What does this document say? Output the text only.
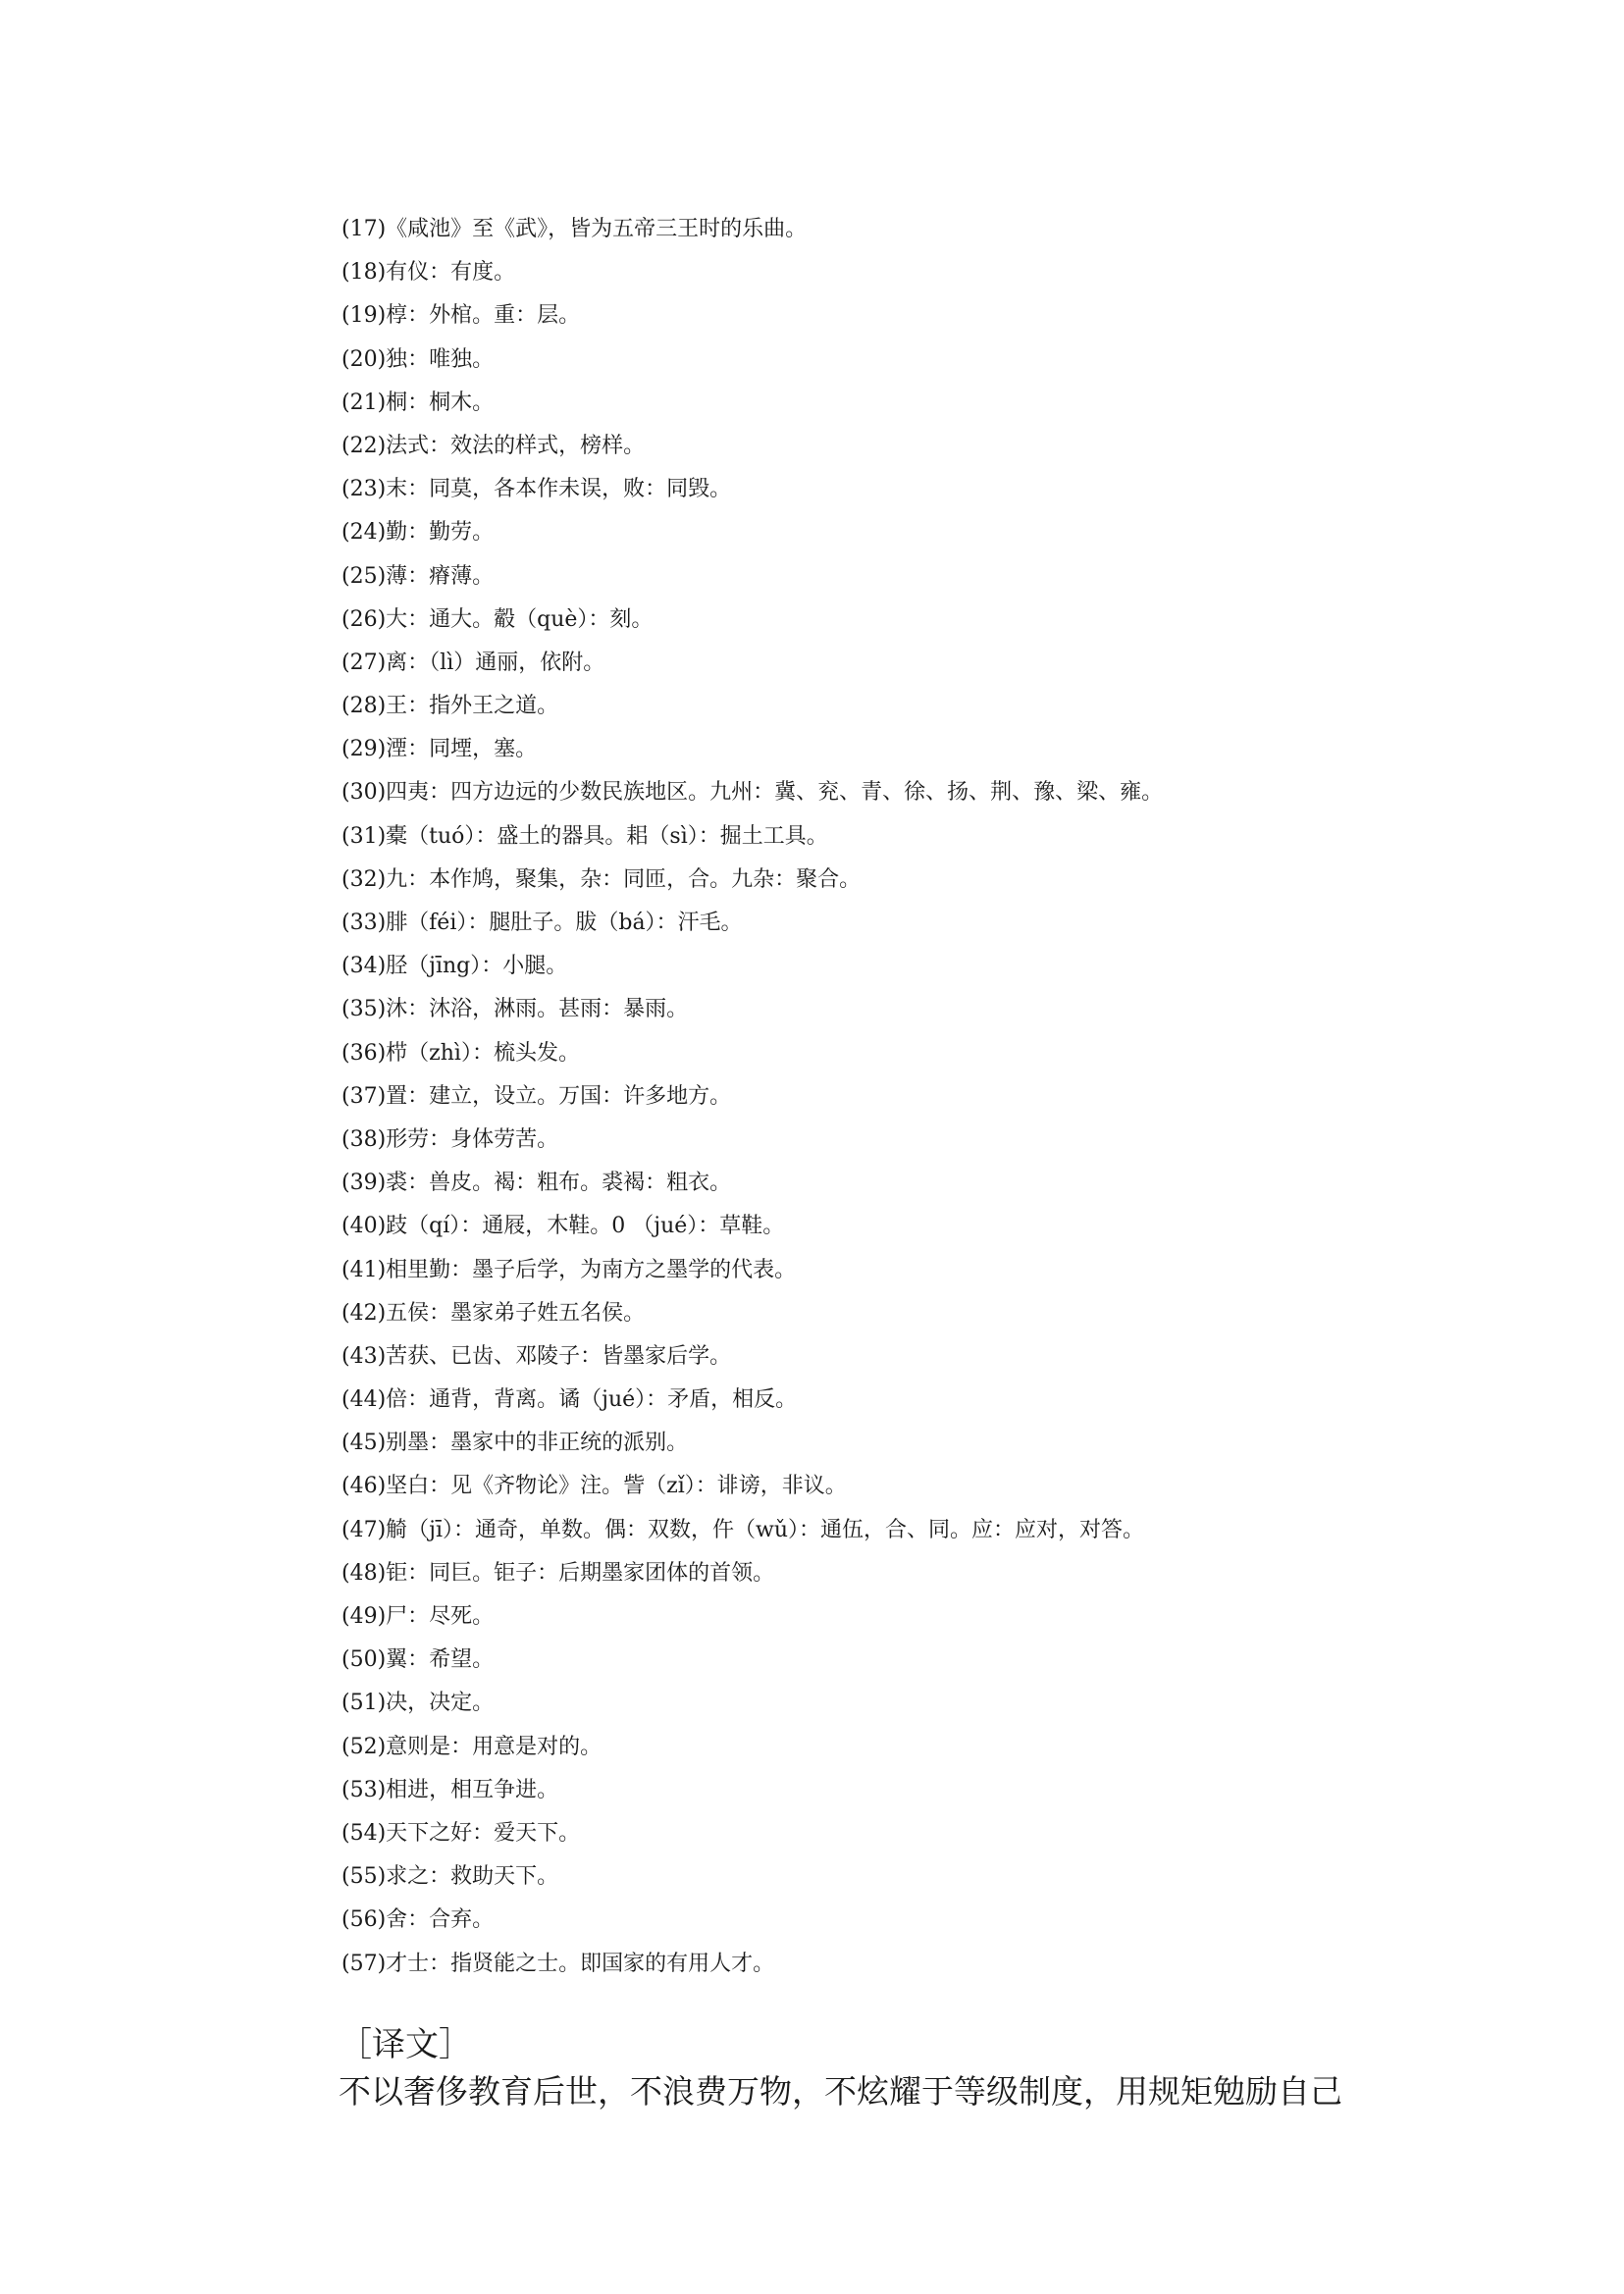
(17)《咸池》至《武》，皆为五帝三王时的乐曲。
(18)有仪：有度。
(19)椁：外棺。重：层。
(20)独：唯独。
(21)桐：桐木。
(22)法式：效法的样式，榜样。
(23)末：同莫，各本作未误，败：同毁。
(24)勤：勤劳。
(25)薄：瘠薄。
(26)大：通大。觳（què）：刻。
(27)离：（lì）通丽，依附。
(28)王：指外王之道。
(29)湮：同堙，塞。
(30)四夷：四方边远的少数民族地区。九州：冀、兖、青、徐、扬、荆、豫、梁、雍。
(31)橐（tuó）：盛土的器具。耜（sì）：掘土工具。
(32)九：本作鸠，聚集，杂：同匝，合。九杂：聚合。
(33)腓（féi）：腿肚子。胈（bá）：汗毛。
(34)胫（jīng）：小腿。
(35)沐：沐浴，淋雨。甚雨：暴雨。
(36)栉（zhì）：梳头发。
(37)置：建立，设立。万国：许多地方。
(38)形劳：身体劳苦。
(39)裘：兽皮。褐：粗布。裘褐：粗衣。
(40)跂（qí）：通屐，木鞋。0 （jué）：草鞋。
(41)相里勤：墨子后学，为南方之墨学的代表。
(42)五侯：墨家弟子姓五名侯。
(43)苦获、已齿、邓陵子：皆墨家后学。
(44)倍：通背，背离。谲（jué）：矛盾，相反。
(45)别墨：墨家中的非正统的派别。
(46)坚白：见《齐物论》注。訾（zǐ）：诽谤，非议。
(47)觭（jī）：通奇，单数。偶：双数，仵（wǔ）：通伍，合、同。应：应对，对答。
(48)钜：同巨。钜子：后期墨家团体的首领。
(49)尸：尽死。
(50)翼：希望。
(51)决，决定。
(52)意则是：用意是对的。
(53)相进，相互争进。
(54)天下之好：爱天下。
(55)求之：救助天下。
(56)舍：合弃。
(57)才士：指贤能之士。即国家的有用人才。
［译文］
不以奢侈教育后世，不浪费万物，不炫耀于等级制度，用规矩勉励自己
